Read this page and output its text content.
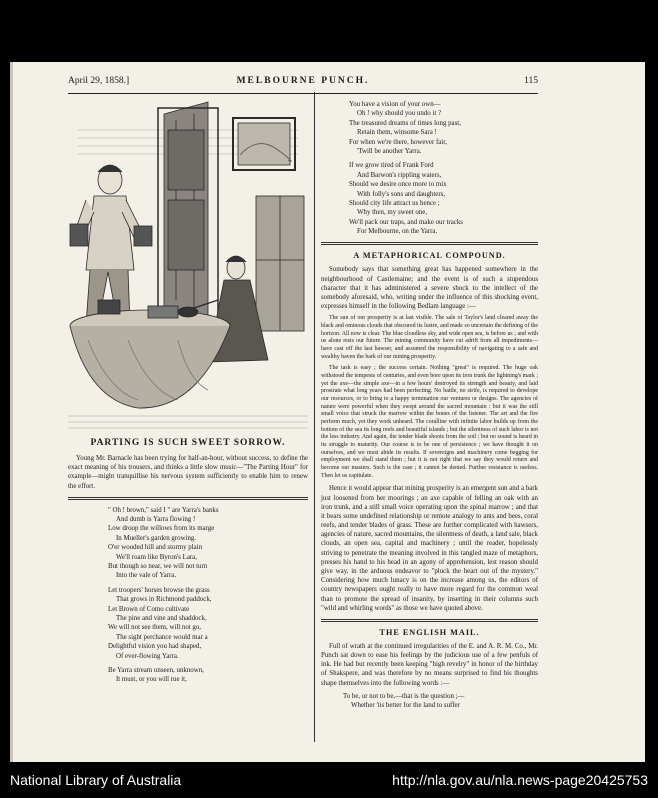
April 29, 1858.]	MELBOURNE PUNCH.	115
PARTING IS SUCH SWEET SORROW.
Young Mr. Barnacle has been trying for half-an-hour, without success, to define the exact meaning of his trousers, and thinks a little slow music—"The Parting Hour" for example—might tranquillise his nervous system sufficiently to enable him to renew the effort.
" Oh ! brown," said I " are Yarra's banks
And dumb is Yarra flowing !
Low droop the willows from its marge
In Mueller's garden growing.
O'er wooded hill and stormy plain
We'll roam like Byron's Lara,
But though so near, we will not turn
Into the vale of Yarra.
Let troopers' horses browse the grass
That grows in Richmond paddock,
Let Brown of Como cultivate
The pine and vine and shaddock,
We will not see them, will not go,
The sight perchance would mar a
Delightful vision you had shaped,
Of ever-flowing Yarra.
Be Yarra stream unseen, unknown,
It must, or you will rue it,
You have a vision of your own—
Oh ! why should you undo it ?
The treasured dreams of times long past,
Retain them, winsome Sara !
For when we're there, however fair,
'Twill be another Yarra.
If we grow tired of Frank Ford
And Barwon's rippling waters,
Should we desire once more to mix
With folly's sons and daughters,
Should city life attract us hence ;
Why then, my sweet one,
We'll pack our traps, and make our tracks
For Melbourne, on the Yarra.
A METAPHORICAL COMPOUND.
Somebody says that something great has happened somewhere in the neighbourhood of Castlemaine; and the event is of such a stupendous character that it has administered a severe shock to the intellect of the somebody aforesaid, who, writing under the influence of this shocking event, expresses himself in the following Bedlam language :—
The sun of our prosperity is at last visible. The sale of Taylor's land cleared away the black and ominous clouds that obscured its lustre, and made so uncertain the defining of the horizon. All now is clear. The blue cloudless sky, and wide open sea, is before us ; and with us alone rests our future. The mining community have cut adrift from all impediments—have cast off the last hawser, and assumed the responsibility of navigating to a safe and wealthy haven the bark of our mining prosperity.
The task is easy ; the success certain. Nothing "great" is required. The huge oak withstood the tempests of centuries, and even bore upon its iron trunk the lightning's mark ; yet the axe—the simple axe—in a few hours' destroyed its strength and beauty, and laid prostrate what long years had been perfecting. No battle, no strife, is required to develope our resources, or to bring to a happy termination our ventures or designs. The agencies of nature were powerful when they swept around the sacred mountain : but it was the still small voice that struck the marrow within the bones of the listener. The art and the fire perform much, yet they work unheard. The coralline with infinite labor builds up from the bottom of the sea its long reefs and beautiful islands ; but the silentness of such labor is not the less industry. And again, the tender blade shoots from the soil ; but no sound is heard in its struggle to maturity. Our course is to be one of persistence ; we have thought it on ourselves, and we must abide its results. If sovereigns and machinery come begging for employment we shall stand them ; but it is not right that we say they would return and become our masters. Such is the case ; it cannot be denied. Further resistance is useless. Then let us capitulate.
Hence it would appear that mining prosperity is an emergent sun and a bark just loosened from her moorings ; an axe capable of felling an oak with an iron trunk, and a still small voice operating upon the spinal marrow ; and that it bears some undefined relationship or remote analogy to ants and bees, coral reefs, and tender blades of grass. These are further complicated with hawsers, agencies of nature, sacred mountains, the silentness of death, a land sale, black clouds, an open sea, capital and machinery ; until the reader, hopelessly striving to penetrate the meaning involved in this tangled maze of metaphors, presses his hand to his head in an agony of apprehension, lest reason should give way, in the arduous endeavor to "pluck the heart out of the mystery." Considering how much lunacy is on the increase among us, the editors of country newspapers ought really to have more regard for the common weal than to promote the spread of insanity, by inserting in their columns such "wild and whirling words" as those we have quoted above.
THE ENGLISH MAIL.
Full of wrath at the continued irregularities of the E. and A. R. M. Co., Mr. Punch sat down to ease his feelings by the judicious use of a few penfuls of ink. He had but recently been keeping "high revelry" in honor of the birthday of Shakspere, and was therefore by no means surprised to find his thoughts shape themselves into the following words :—
To be, or not to be,—that is the question ;—
Whether 'tis better for the land to suffer
National Library of Australia	http://nla.gov.au/nla.news-page20425753
